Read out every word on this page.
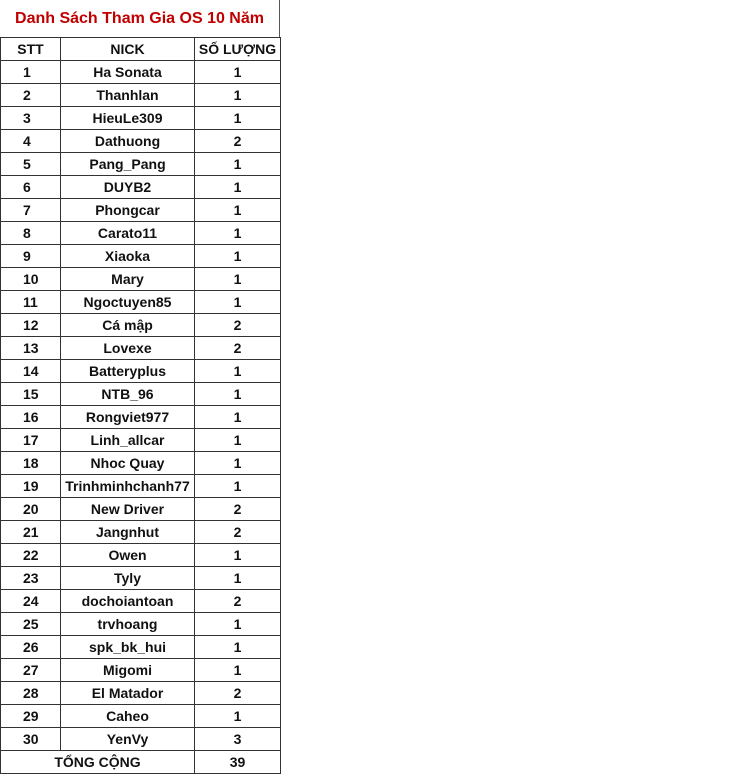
Danh Sách Tham Gia OS 10 Năm
STT	NICK	SỐ LƯỢNG
1	Ha Sonata	1
2	Thanhlan	1
3	HieuLe309	1
4	Dathuong	2
5	Pang_Pang	1
6	DUYB2	1
7	Phongcar	1
8	Carato11	1
9	Xiaoka	1
10	Mary	1
11	Ngoctuyen85	1
12	Cá mập	2
13	Lovexe	2
14	Batteryplus	1
15	NTB_96	1
16	Rongviet977	1
17	Linh_allcar	1
18	Nhoc Quay	1
19	Trinhminhchanh77	1
20	New Driver	2
21	Jangnhut	2
22	Owen	1
23	Tyly	1
24	dochoiantoan	2
25	trvhoang	1
26	spk_bk_hui	1
27	Migomi	1
28	El Matador	2
29	Caheo	1
30	YenVy	3
TỔNG CỘNG		39
